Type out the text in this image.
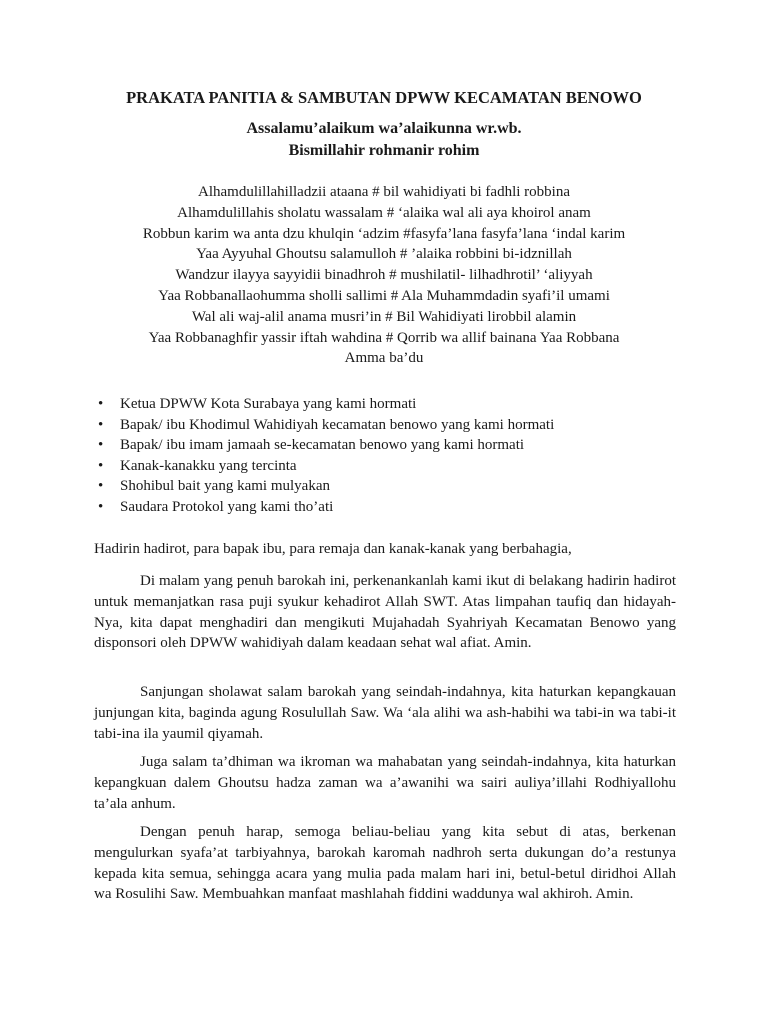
PRAKATA PANITIA & SAMBUTAN DPWW KECAMATAN BENOWO
Assalamu’alaikum wa’alaikunna wr.wb.
Bismillahir rohmanir rohim
Alhamdulillahilladzii ataana # bil wahidiyati bi fadhli robbina
Alhamdulillahis sholatu wassalam # ‘alaika wal ali aya khoirol anam
Robbun karim wa anta dzu khulqin ‘adzim #fasyfa’lana fasyfa’lana ‘indal karim
Yaa Ayyuhal Ghoutsu salamulloh # ’alaika robbini bi-idznillah
Wandzur ilayya sayyidii binadhroh # mushilatil- lilhadhrotil’ ‘aliyyah
Yaa Robbanallaohumma sholli sallimi # Ala Muhammdadin syafi’il umami
Wal ali waj-alil anama musri’in # Bil Wahidiyati lirobbil alamin
Yaa Robbanaghfir yassir iftah wahdina # Qorrib wa allif bainana Yaa Robbana
Amma ba’du
• Ketua DPWW Kota Surabaya yang kami hormati
• Bapak/ ibu Khodimul Wahidiyah kecamatan benowo yang kami hormati
• Bapak/ ibu imam jamaah se-kecamatan benowo yang kami hormati
• Kanak-kanakku yang tercinta
• Shohibul bait yang kami mulyakan
• Saudara Protokol yang kami tho’ati
Hadirin hadirot, para bapak ibu, para remaja dan kanak-kanak yang berbahagia,

Di malam yang penuh barokah ini, perkenankanlah kami ikut di belakang hadirin hadirot untuk memanjatkan rasa puji syukur kehadirot Allah SWT. Atas limpahan taufiq dan hidayah-Nya, kita dapat menghadiri dan mengikuti Mujahadah Syahriyah Kecamatan Benowo yang disponsori oleh DPWW wahidiyah dalam keadaan sehat wal afiat. Amin.

Sanjungan sholawat salam barokah yang seindah-indahnya, kita haturkan kepangkauan junjungan kita, baginda agung Rosulullah Saw. Wa ‘ala alihi wa ash-habihi wa tabi-in wa tabi-it tabi-ina ila yaumil qiyamah.

Juga salam ta’dhiman wa ikroman wa mahabatan yang seindah-indahnya, kita haturkan kepangkuan dalem Ghoutsu hadza zaman wa a’awanihi wa sairi auliya’illahi Rodhiyallohu ta’ala anhum.

Dengan penuh harap, semoga beliau-beliau yang kita sebut di atas, berkenan mengulurkan syafa’at tarbiyahnya, barokah karomah nadhroh serta dukungan do’a restunya kepada kita semua, sehingga acara yang mulia pada malam hari ini, betul-betul diridhoi Allah wa Rosulihi Saw. Membuahkan manfaat mashlahah fiddini waddunya wal akhiroh. Amin.
